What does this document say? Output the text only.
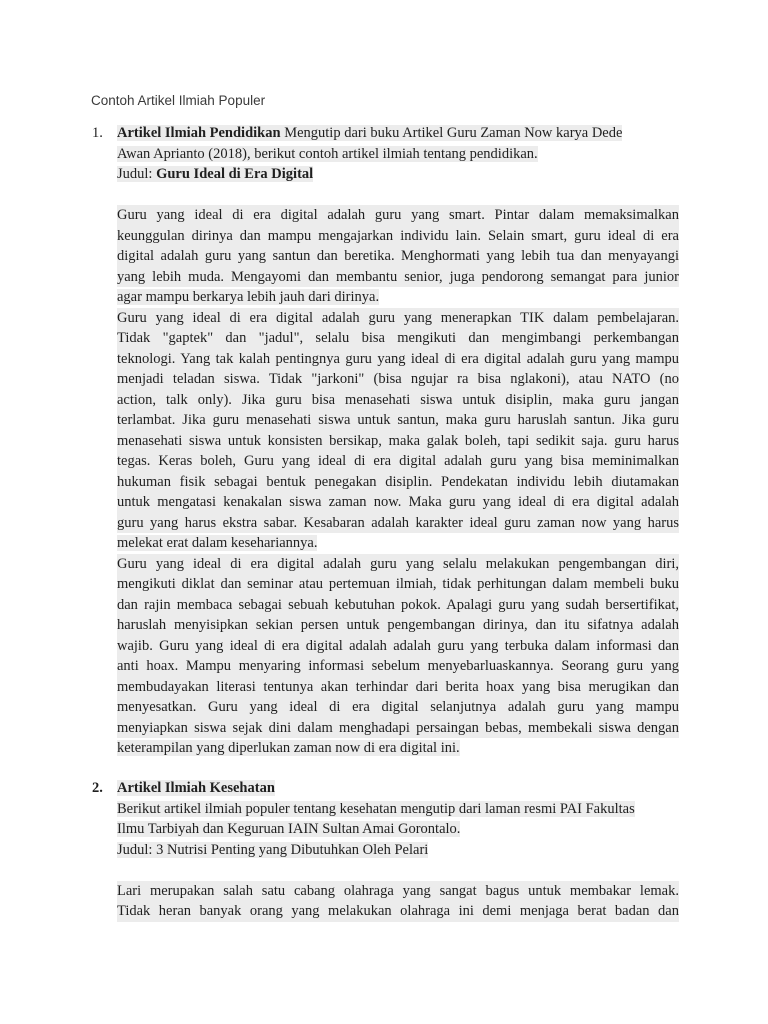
Contoh Artikel Ilmiah Populer
1. Artikel Ilmiah Pendidikan Mengutip dari buku Artikel Guru Zaman Now karya Dede
Awan Aprianto (2018), berikut contoh artikel ilmiah tentang pendidikan.
Judul: Guru Ideal di Era Digital
Guru yang ideal di era digital adalah guru yang smart. Pintar dalam memaksimalkan
keunggulan dirinya dan mampu mengajarkan individu lain. Selain smart, guru ideal di era
digital adalah guru yang santun dan beretika. Menghormati yang lebih tua dan menyayangi
yang lebih muda. Mengayomi dan membantu senior, juga pendorong semangat para junior
agar mampu berkarya lebih jauh dari dirinya.
Guru yang ideal di era digital adalah guru yang menerapkan TIK dalam pembelajaran.
Tidak "gaptek" dan "jadul", selalu bisa mengikuti dan mengimbangi perkembangan
teknologi. Yang tak kalah pentingnya guru yang ideal di era digital adalah guru yang mampu
menjadi teladan siswa. Tidak "jarkoni" (bisa ngujar ra bisa nglakoni), atau NATO (no
action, talk only). Jika guru bisa menasehati siswa untuk disiplin, maka guru jangan
terlambat. Jika guru menasehati siswa untuk santun, maka guru haruslah santun. Jika guru
menasehati siswa untuk konsisten bersikap, maka galak boleh, tapi sedikit saja. guru harus
tegas. Keras boleh, Guru yang ideal di era digital adalah guru yang bisa meminimalkan
hukuman fisik sebagai bentuk penegakan disiplin. Pendekatan individu lebih diutamakan
untuk mengatasi kenakalan siswa zaman now. Maka guru yang ideal di era digital adalah
guru yang harus ekstra sabar. Kesabaran adalah karakter ideal guru zaman now yang harus
melekat erat dalam kesehariannya.
Guru yang ideal di era digital adalah guru yang selalu melakukan pengembangan diri,
mengikuti diklat dan seminar atau pertemuan ilmiah, tidak perhitungan dalam membeli buku
dan rajin membaca sebagai sebuah kebutuhan pokok. Apalagi guru yang sudah bersertifikat,
haruslah menyisipkan sekian persen untuk pengembangan dirinya, dan itu sifatnya adalah
wajib. Guru yang ideal di era digital adalah adalah guru yang terbuka dalam informasi dan
anti hoax. Mampu menyaring informasi sebelum menyebarluaskannya. Seorang guru yang
membudayakan literasi tentunya akan terhindar dari berita hoax yang bisa merugikan dan
menyesatkan. Guru yang ideal di era digital selanjutnya adalah guru yang mampu
menyiapkan siswa sejak dini dalam menghadapi persaingan bebas, membekali siswa dengan
keterampilan yang diperlukan zaman now di era digital ini.
2. Artikel Ilmiah Kesehatan
Berikut artikel ilmiah populer tentang kesehatan mengutip dari laman resmi PAI Fakultas
Ilmu Tarbiyah dan Keguruan IAIN Sultan Amai Gorontalo.
Judul: 3 Nutrisi Penting yang Dibutuhkan Oleh Pelari
Lari merupakan salah satu cabang olahraga yang sangat bagus untuk membakar lemak.
Tidak heran banyak orang yang melakukan olahraga ini demi menjaga berat badan dan
